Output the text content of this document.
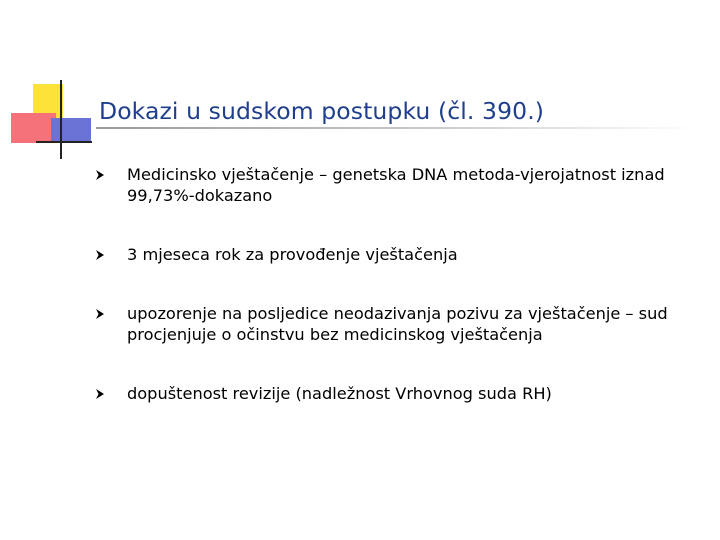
Dokazi u sudskom postupku (čl. 390.)
Medicinsko vještačenje – genetska DNA metoda-vjerojatnost iznad 99,73%-dokazano
3 mjeseca rok za provođenje vještačenja
upozorenje na posljedice neodazivanja pozivu za vještačenje – sud procjenjuje o očinstvu bez medicinskog vještačenja
dopuštenost revizije (nadležnost Vrhovnog suda RH)
